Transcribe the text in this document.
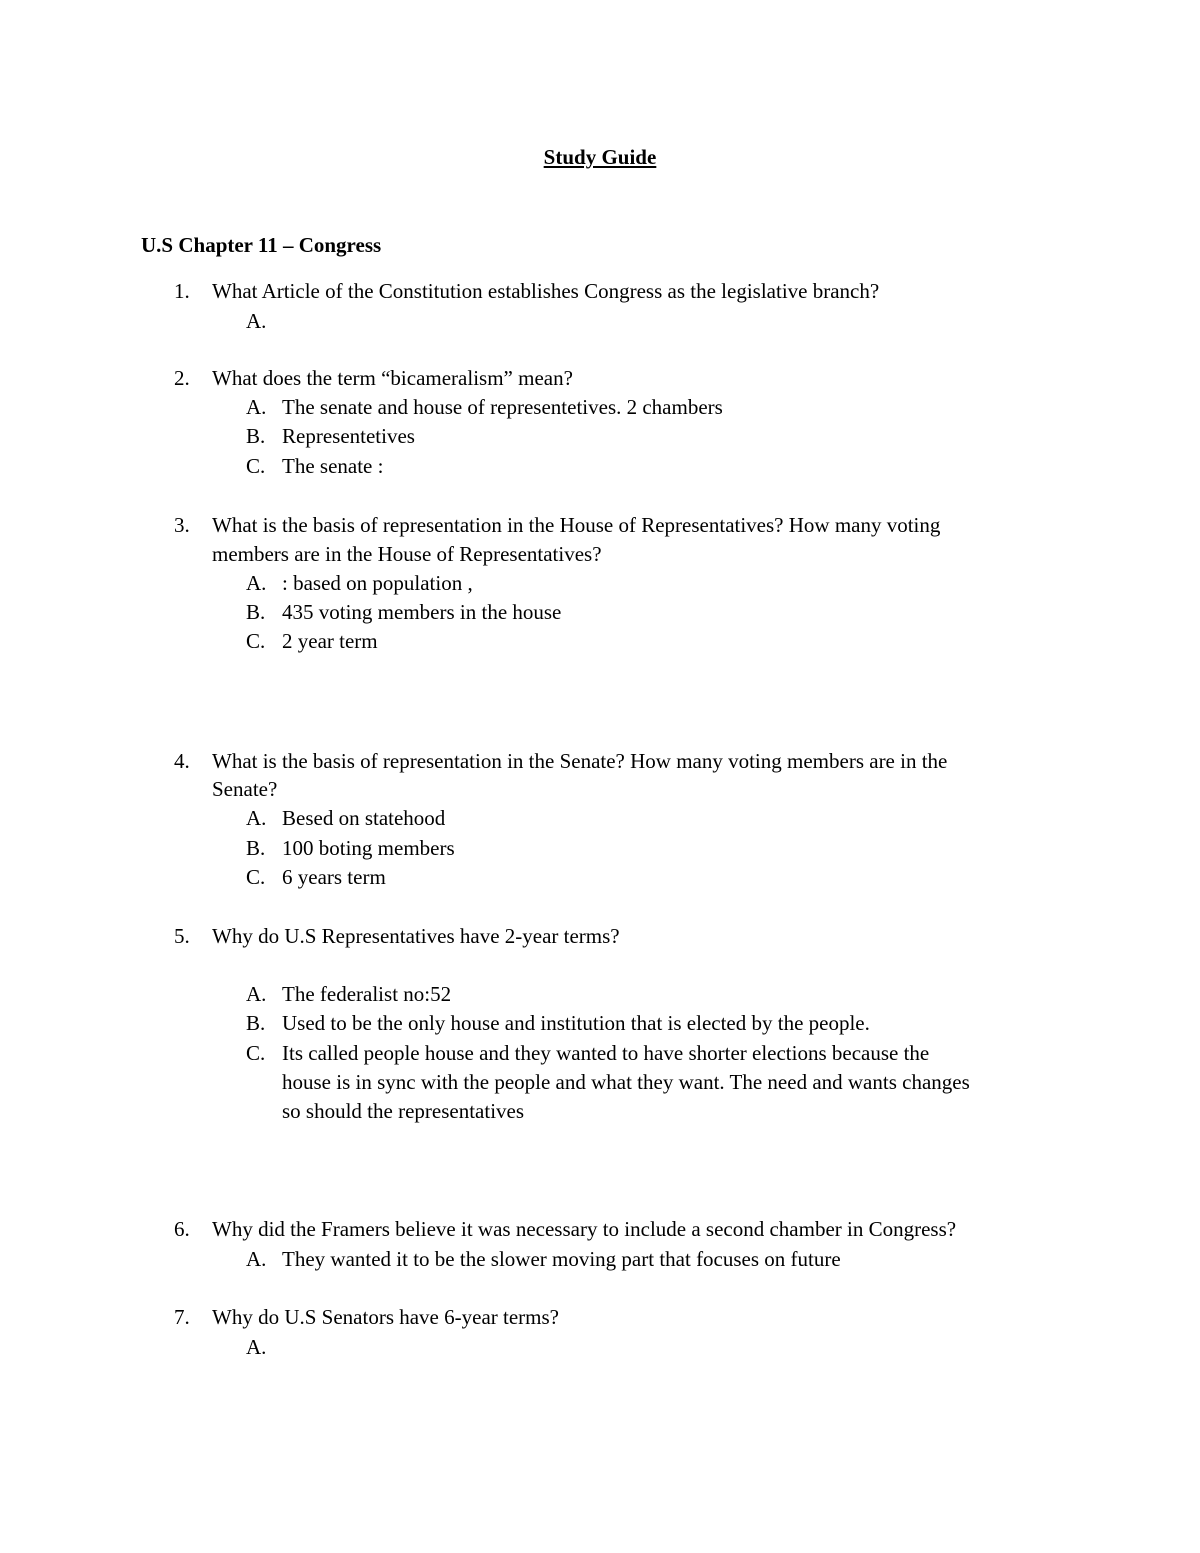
Study Guide
U.S Chapter 11 – Congress
1. What Article of the Constitution establishes Congress as the legislative branch?
A.
2. What does the term “bicameralism” mean?
A. The senate and house of representetives. 2 chambers
B. Representetives
C. The senate :
3. What is the basis of representation in the House of Representatives? How many voting
members are in the House of Representatives?
A. : based on population ,
B. 435 voting members in the house
C. 2 year term
4. What is the basis of representation in the Senate? How many voting members are in the
Senate?
A. Besed on statehood
B. 100 boting members
C. 6 years term
5. Why do U.S Representatives have 2-year terms?
A. The federalist no:52
B. Used to be the only house and institution that is elected by the people.
C. Its called people house and they wanted to have shorter elections because the
house is in sync with the people and what they want. The need and wants changes
so should the representatives
6. Why did the Framers believe it was necessary to include a second chamber in Congress?
A. They wanted it to be the slower moving part that focuses on future
7. Why do U.S Senators have 6-year terms?
A.
